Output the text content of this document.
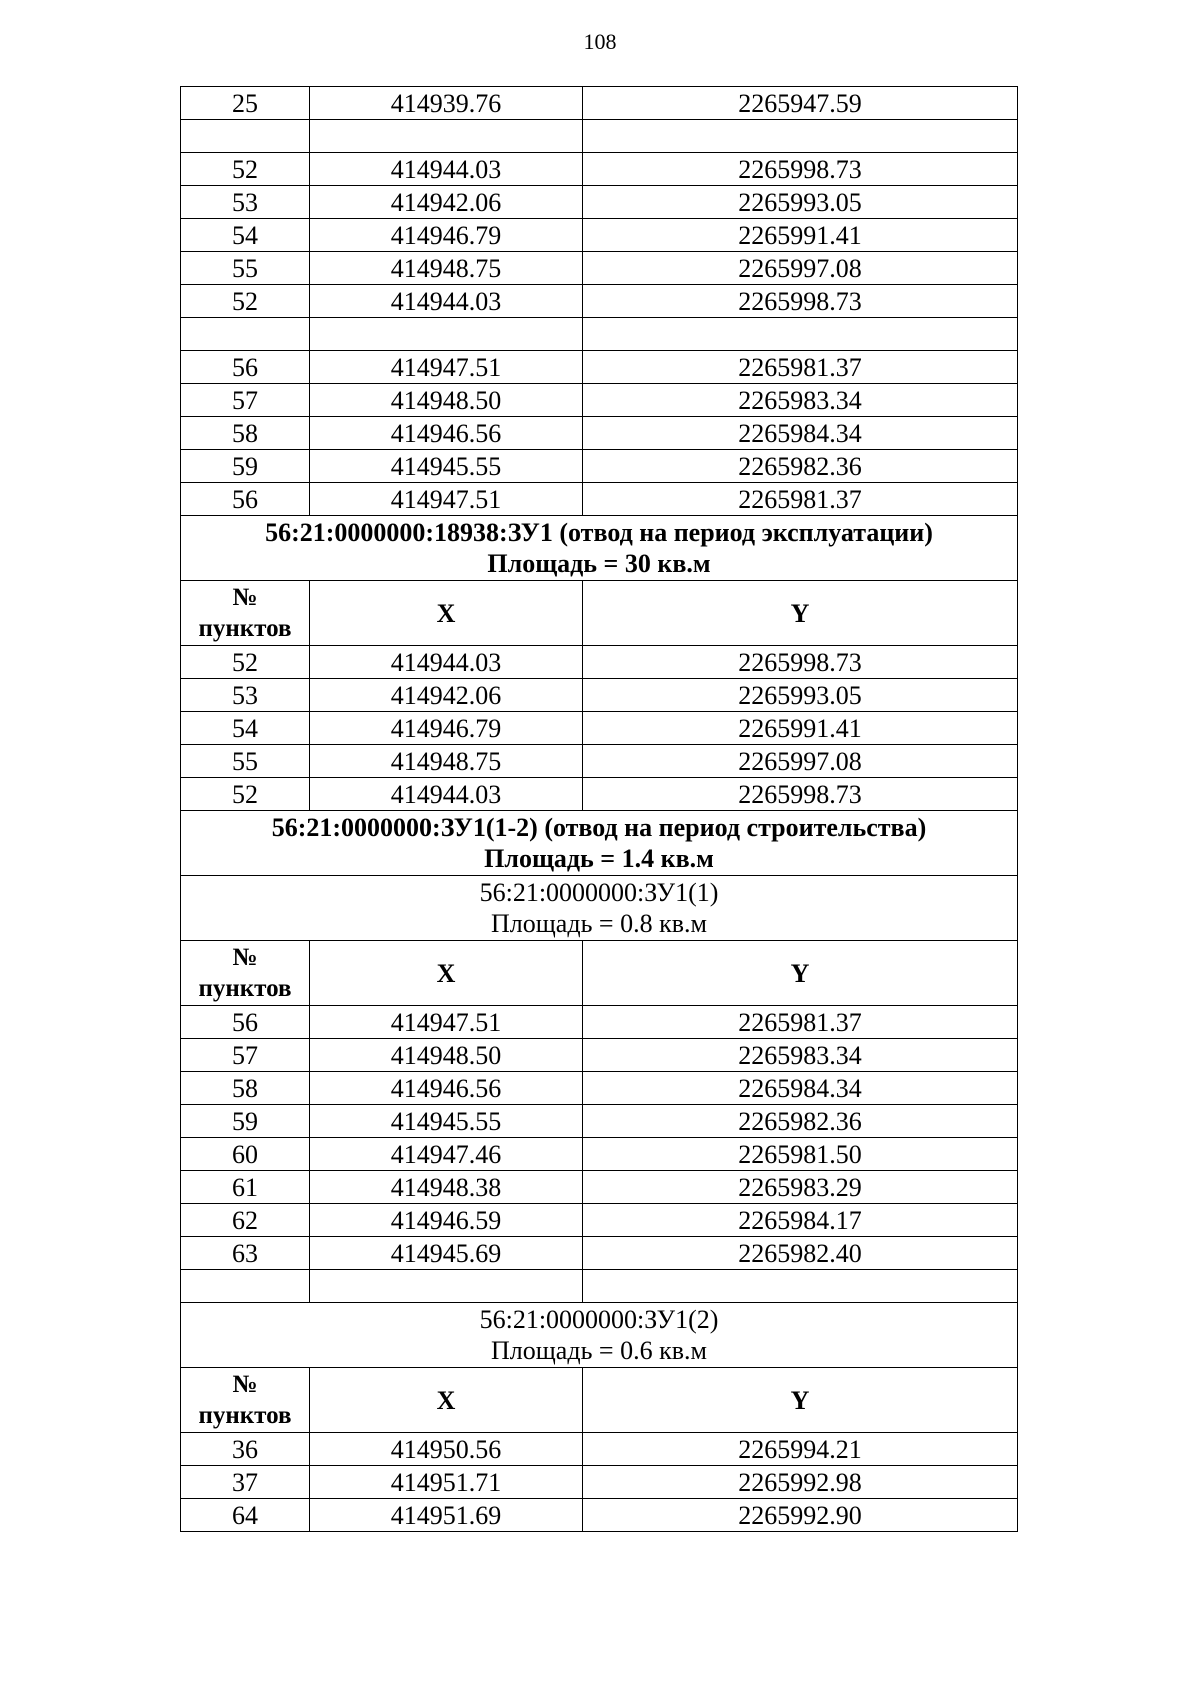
108
25	414939.76	2265947.59

52	414944.03	2265998.73
53	414942.06	2265993.05
54	414946.79	2265991.41
55	414948.75	2265997.08
52	414944.03	2265998.73

56	414947.51	2265981.37
57	414948.50	2265983.34
58	414946.56	2265984.34
59	414945.55	2265982.36
56	414947.51	2265981.37

56:21:0000000:18938:ЗУ1 (отвод на период эксплуатации)
Площадь = 30 кв.м		

№
пунктов	X	Y
52	414944.03	2265998.73
53	414942.06	2265993.05
54	414946.79	2265991.41
55	414948.75	2265997.08
52	414944.03	2265998.73

56:21:0000000:ЗУ1(1-2) (отвод на период строительства)
Площадь = 1.4 кв.м		

56:21:0000000:ЗУ1(1)
Площадь = 0.8 кв.м		

№
пунктов	X	Y
56	414947.51	2265981.37
57	414948.50	2265983.34
58	414946.56	2265984.34
59	414945.55	2265982.36
60	414947.46	2265981.50
61	414948.38	2265983.29
62	414946.59	2265984.17
63	414945.69	2265982.40

56:21:0000000:ЗУ1(2)
Площадь = 0.6 кв.м		

№
пунктов	X	Y
36	414950.56	2265994.21
37	414951.71	2265992.98
64	414951.69	2265992.90
